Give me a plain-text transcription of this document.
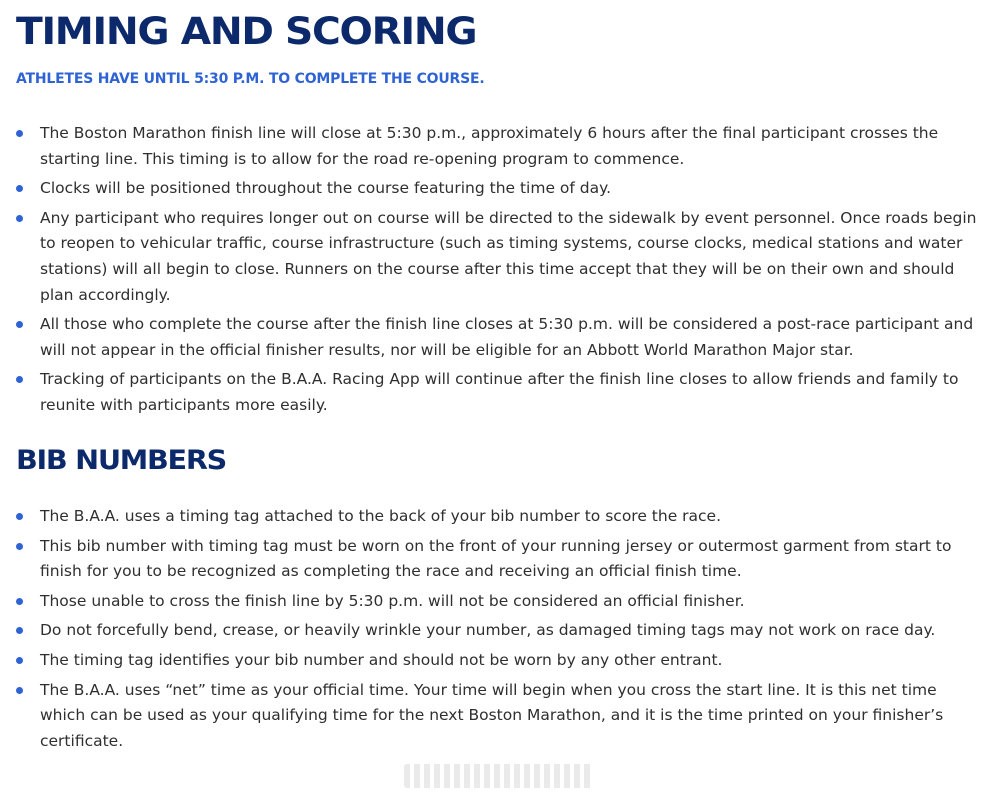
TIMING AND SCORING
ATHLETES HAVE UNTIL 5:30 P.M. TO COMPLETE THE COURSE.
The Boston Marathon finish line will close at 5:30 p.m., approximately 6 hours after the final participant crosses the starting line. This timing is to allow for the road re-opening program to commence.
Clocks will be positioned throughout the course featuring the time of day.
Any participant who requires longer out on course will be directed to the sidewalk by event personnel. Once roads begin to reopen to vehicular traffic, course infrastructure (such as timing systems, course clocks, medical stations and water stations) will all begin to close. Runners on the course after this time accept that they will be on their own and should plan accordingly.
All those who complete the course after the finish line closes at 5:30 p.m. will be considered a post-race participant and will not appear in the official finisher results, nor will be eligible for an Abbott World Marathon Major star.
Tracking of participants on the B.A.A. Racing App will continue after the finish line closes to allow friends and family to reunite with participants more easily.
BIB NUMBERS
The B.A.A. uses a timing tag attached to the back of your bib number to score the race.
This bib number with timing tag must be worn on the front of your running jersey or outermost garment from start to finish for you to be recognized as completing the race and receiving an official finish time.
Those unable to cross the finish line by 5:30 p.m. will not be considered an official finisher.
Do not forcefully bend, crease, or heavily wrinkle your number, as damaged timing tags may not work on race day.
The timing tag identifies your bib number and should not be worn by any other entrant.
The B.A.A. uses “net” time as your official time. Your time will begin when you cross the start line. It is this net time which can be used as your qualifying time for the next Boston Marathon, and it is the time printed on your finisher’s certificate.
